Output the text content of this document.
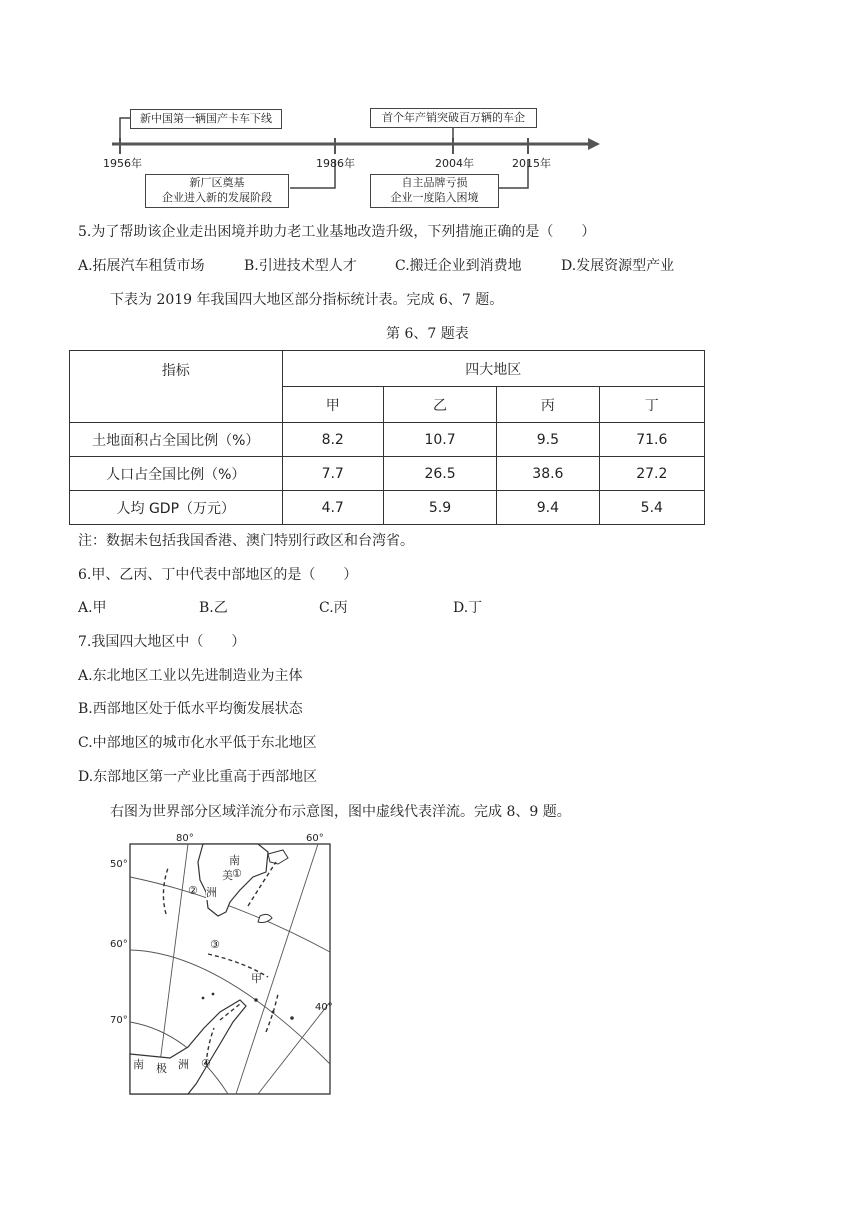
新中国第一辆国产卡车下线	首个年产销突破百万辆的车企
新厂区奠基
企业进入新的发展阶段
自主品牌亏损
企业一度陷入困境
1956年	1986年	2004年	2015年
5.为了帮助该企业走出困境并助力老工业基地改造升级，下列措施正确的是（　　）
A.拓展汽车租赁市场	B.引进技术型人才	C.搬迁企业到消费地	D.发展资源型产业
下表为 2019 年我国四大地区部分指标统计表。完成 6、7 题。
第 6、7 题表
指标	四大地区			
	甲	乙	丙	丁
土地面积占全国比例（%）	8.2	10.7	9.5	71.6
人口占全国比例（%）	7.7	26.5	38.6	27.2
人均 GDP（万元）	4.7	5.9	9.4	5.4
注：数据未包括我国香港、澳门特别行政区和台湾省。
6.甲、乙丙、丁中代表中部地区的是（　　）
A.甲	B.乙	C.丙	D.丁
7.我国四大地区中（　　）
A.东北地区工业以先进制造业为主体
B.西部地区处于低水平均衡发展状态
C.中部地区的城市化水平低于东北地区
D.东部地区第一产业比重高于西部地区
右图为世界部分区域洋流分布示意图，图中虚线代表洋流。完成 8、9 题。
80°	60°
40°
50°
60°
70°
南
美
洲
南 极 洲
甲
①
②
③
④
